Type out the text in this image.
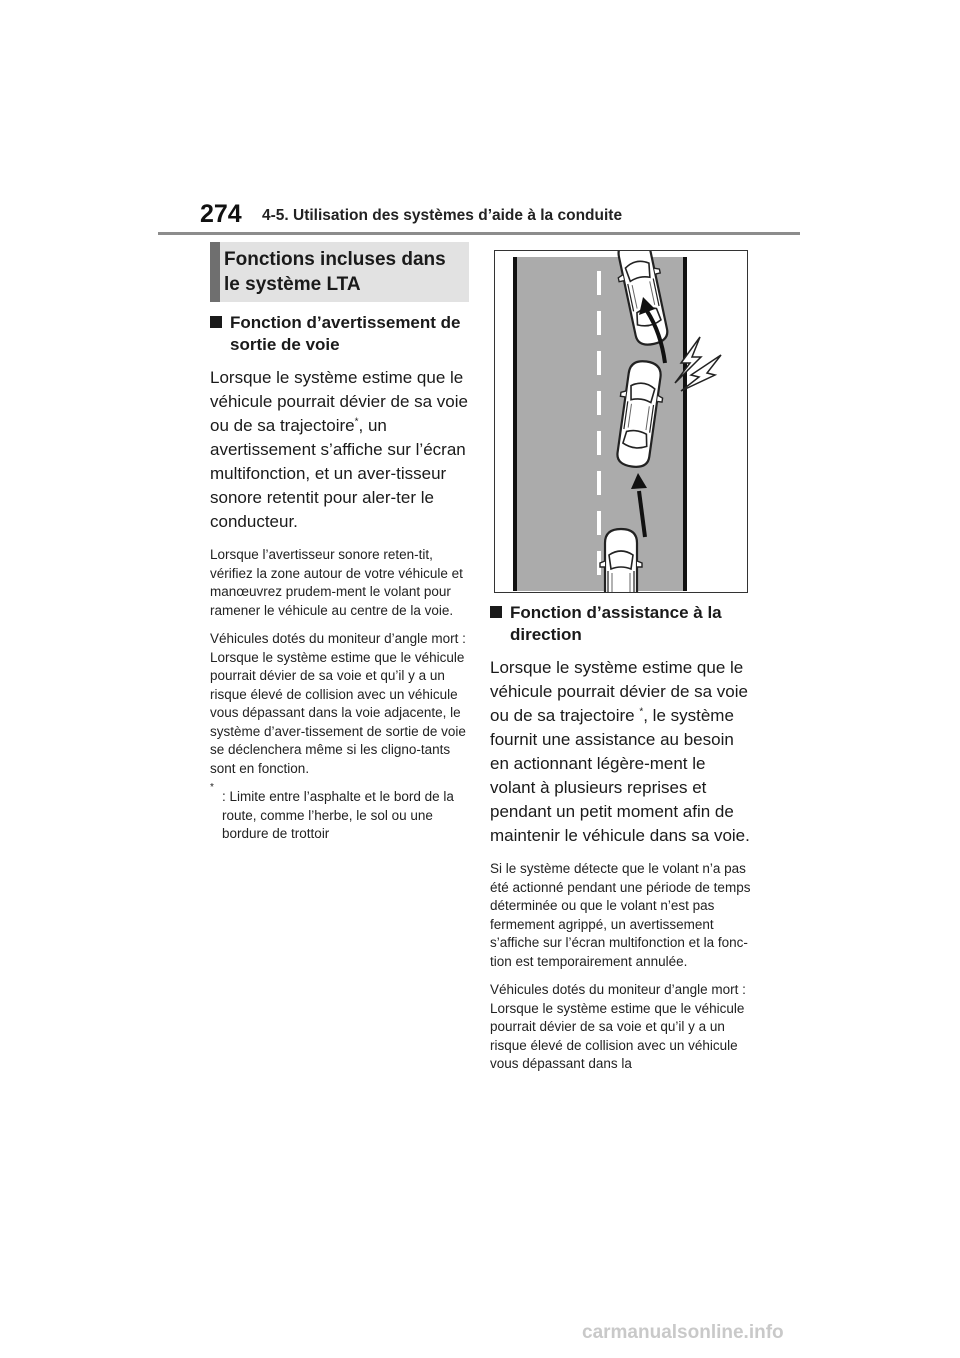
274 4-5. Utilisation des systèmes d’aide à la conduite
Fonctions incluses dans le système LTA
Fonction d’avertissement de sortie de voie

Lorsque le système estime que le véhicule pourrait dévier de sa voie ou de sa trajectoire*, un avertissement s’affiche sur l’écran multifonction, et un aver-tisseur sonore retentit pour aler-ter le conducteur.

Lorsque l’avertisseur sonore reten-tit, vérifiez la zone autour de votre véhicule et manœuvrez prudem-ment le volant pour ramener le véhicule au centre de la voie.

Véhicules dotés du moniteur d’angle mort : Lorsque le système estime que le véhicule pourrait dévier de sa voie et qu’il y a un risque élevé de collision avec un véhicule vous dépassant dans la voie adjacente, le système d’aver-tissement de sortie de voie se déclenchera même si les cligno-tants sont en fonction.

*
: Limite entre l’asphalte et le bord de la route, comme l’herbe, le sol ou une bordure de trottoir
Fonction d’assistance à la direction

Lorsque le système estime que le véhicule pourrait dévier de sa voie ou de sa trajectoire *, le système fournit une assistance au besoin en actionnant légère-ment le volant à plusieurs reprises et pendant un petit moment afin de maintenir le véhicule dans sa voie.

Si le système détecte que le volant n’a pas été actionné pendant une période de temps déterminée ou que le volant n’est pas fermement agrippé, un avertissement s’affiche sur l’écran multifonction et la fonc-tion est temporairement annulée.

Véhicules dotés du moniteur d’angle mort : Lorsque le système estime que le véhicule pourrait dévier de sa voie et qu’il y a un risque élevé de collision avec un véhicule vous dépassant dans la

carmanualsonline.info
